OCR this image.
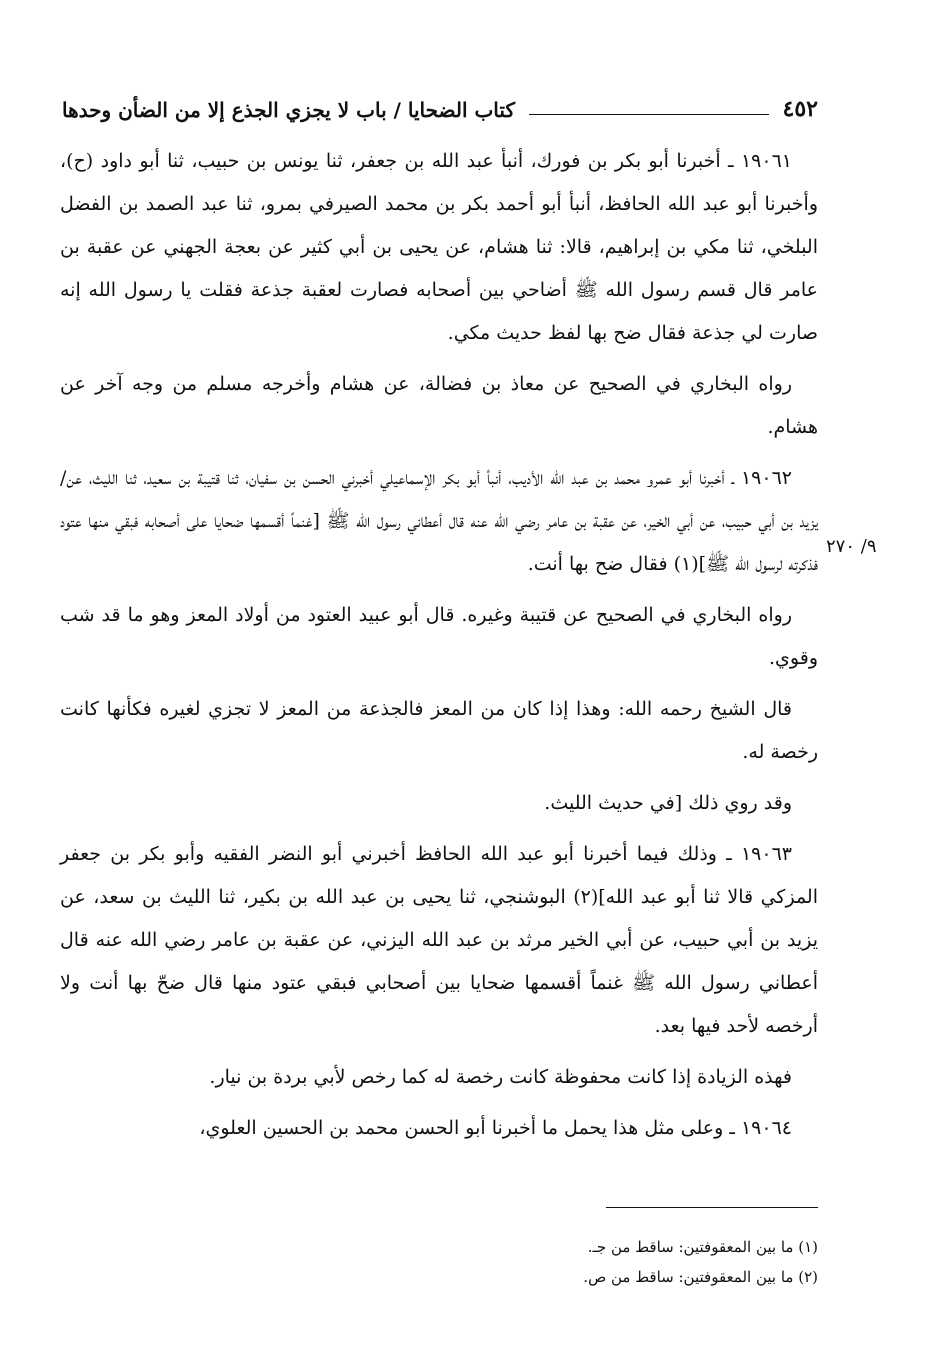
٤٥٢
كتاب الضحايا / باب لا يجزي الجذع إلا من الضأن وحدها
٩/ ٢٧٠

١٩٠٦١ ـ أخبرنا أبو بكر بن فورك، أنبأ عبد الله بن جعفر، ثنا يونس بن حبيب، ثنا أبو داود (ح)، وأخبرنا أبو عبد الله الحافظ، أنبأ أبو أحمد بكر بن محمد الصيرفي بمرو، ثنا عبد الصمد بن الفضل البلخي، ثنا مكي بن إبراهيم، قالا: ثنا هشام، عن يحيى بن أبي كثير عن بعجة الجهني عن عقبة بن عامر قال قسم رسول الله ﷺ أضاحي بين أصحابه فصارت لعقبة جذعة فقلت يا رسول الله إنه صارت لي جذعة فقال ضح بها لفظ حديث مكي.

رواه البخاري في الصحيح عن معاذ بن فضالة، عن هشام وأخرجه مسلم من وجه آخر عن هشام.

١٩٠٦٢ ـ أخبرنا أبو عمرو محمد بن عبد الله الأديب، أنبأ أبو بكر الإسماعيلي أخبرني الحسن بن سفيان، ثنا قتيبة بن سعيد، ثنا الليث، عن/ يزيد بن أبي حبيب، عن أبي الخير، عن عقبة بن عامر رضي الله عنه قال أعطاني رسول الله ﷺ [غنماً أقسمها ضحايا على أصحابه فبقي منها عتود فذكرته لرسول الله ﷺ](١) فقال ضح بها أنت.

رواه البخاري في الصحيح عن قتيبة وغيره. قال أبو عبيد العتود من أولاد المعز وهو ما قد شب وقوي.

قال الشيخ رحمه الله: وهذا إذا كان من المعز فالجذعة من المعز لا تجزي لغيره فكأنها كانت رخصة له.

وقد روي ذلك [في حديث الليث.

١٩٠٦٣ ـ وذلك فيما أخبرنا أبو عبد الله الحافظ أخبرني أبو النضر الفقيه وأبو بكر بن جعفر المزكي قالا ثنا أبو عبد الله](٢) البوشنجي، ثنا يحيى بن عبد الله بن بكير، ثنا الليث بن سعد، عن يزيد بن أبي حبيب، عن أبي الخير مرثد بن عبد الله اليزني، عن عقبة بن عامر رضي الله عنه قال أعطاني رسول الله ﷺ غنماً أقسمها ضحايا بين أصحابي فبقي عتود منها قال ضحّ بها أنت ولا أرخصه لأحد فيها بعد.

فهذه الزيادة إذا كانت محفوظة كانت رخصة له كما رخص لأبي بردة بن نيار.

١٩٠٦٤ ـ وعلى مثل هذا يحمل ما أخبرنا أبو الحسن محمد بن الحسين العلوي،

(١) ما بين المعقوفتين: ساقط من جـ.

(٢) ما بين المعقوفتين: ساقط من ص.
